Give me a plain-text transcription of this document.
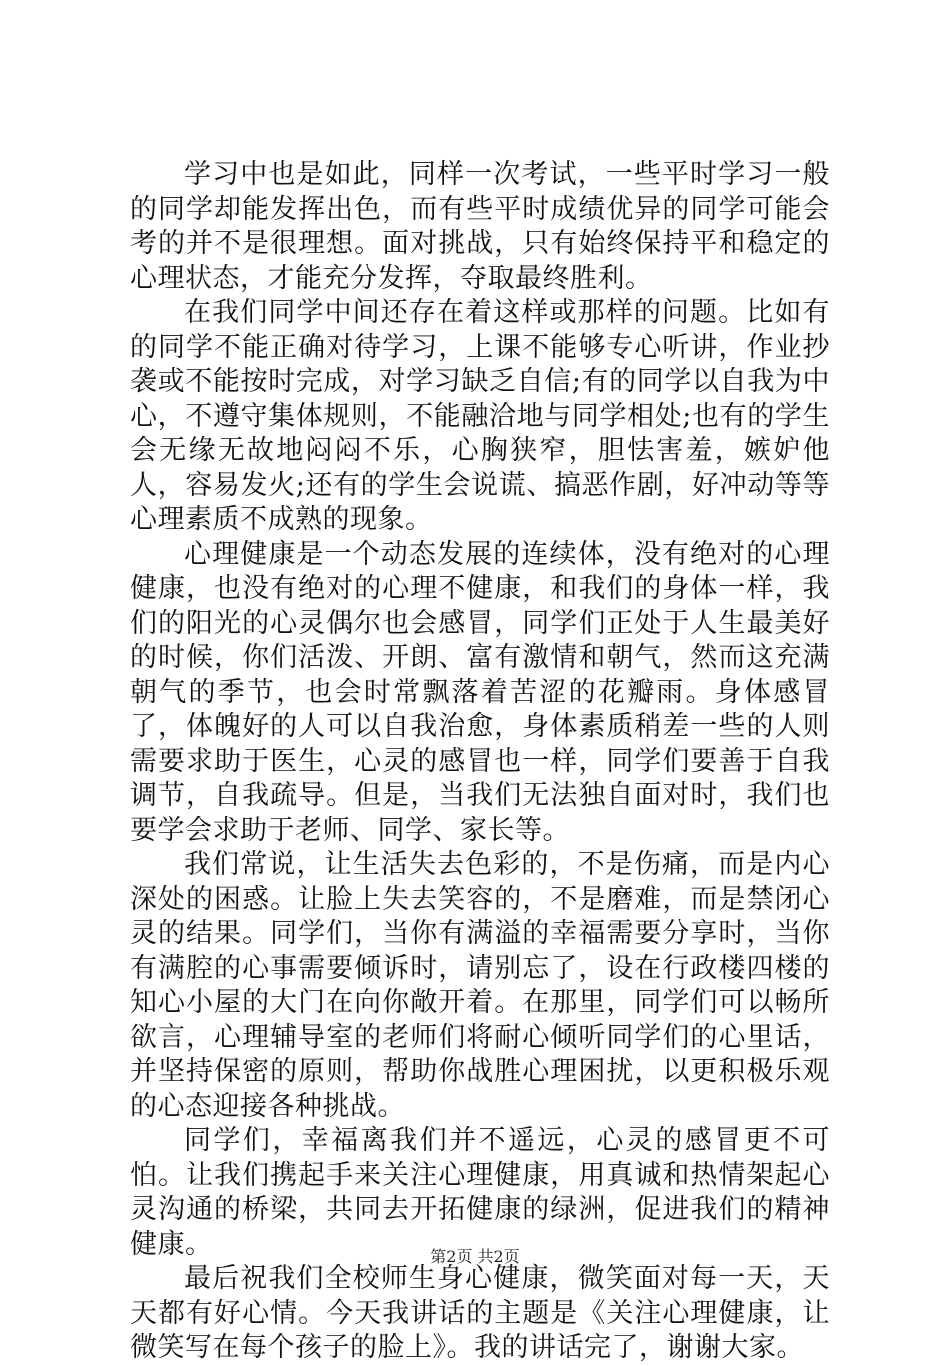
学习中也是如此，同样一次考试，一些平时学习一般的同学却能发挥出色，而有些平时成绩优异的同学可能会考的并不是很理想。面对挑战，只有始终保持平和稳定的心理状态，才能充分发挥，夺取最终胜利。

在我们同学中间还存在着这样或那样的问题。比如有的同学不能正确对待学习，上课不能够专心听讲，作业抄袭或不能按时完成，对学习缺乏自信;有的同学以自我为中心，不遵守集体规则，不能融洽地与同学相处;也有的学生会无缘无故地闷闷不乐，心胸狭窄，胆怯害羞，嫉妒他人，容易发火;还有的学生会说谎、搞恶作剧，好冲动等等心理素质不成熟的现象。

心理健康是一个动态发展的连续体，没有绝对的心理健康，也没有绝对的心理不健康，和我们的身体一样，我们的阳光的心灵偶尔也会感冒，同学们正处于人生最美好的时候，你们活泼、开朗、富有激情和朝气，然而这充满朝气的季节，也会时常飘落着苦涩的花瓣雨。身体感冒了，体魄好的人可以自我治愈，身体素质稍差一些的人则需要求助于医生，心灵的感冒也一样，同学们要善于自我调节，自我疏导。但是，当我们无法独自面对时，我们也要学会求助于老师、同学、家长等。

我们常说，让生活失去色彩的，不是伤痛，而是内心深处的困惑。让脸上失去笑容的，不是磨难，而是禁闭心灵的结果。同学们，当你有满溢的幸福需要分享时，当你有满腔的心事需要倾诉时，请别忘了，设在行政楼四楼的知心小屋的大门在向你敞开着。在那里，同学们可以畅所欲言，心理辅导室的老师们将耐心倾听同学们的心里话，并坚持保密的原则，帮助你战胜心理困扰，以更积极乐观的心态迎接各种挑战。

同学们，幸福离我们并不遥远，心灵的感冒更不可怕。让我们携起手来关注心理健康，用真诚和热情架起心灵沟通的桥梁，共同去开拓健康的绿洲，促进我们的精神健康。

最后祝我们全校师生身心健康，微笑面对每一天，天天都有好心情。今天我讲话的主题是《关注心理健康，让微笑写在每个孩子的脸上》。我的讲话完了，谢谢大家。

第2页 共2页
